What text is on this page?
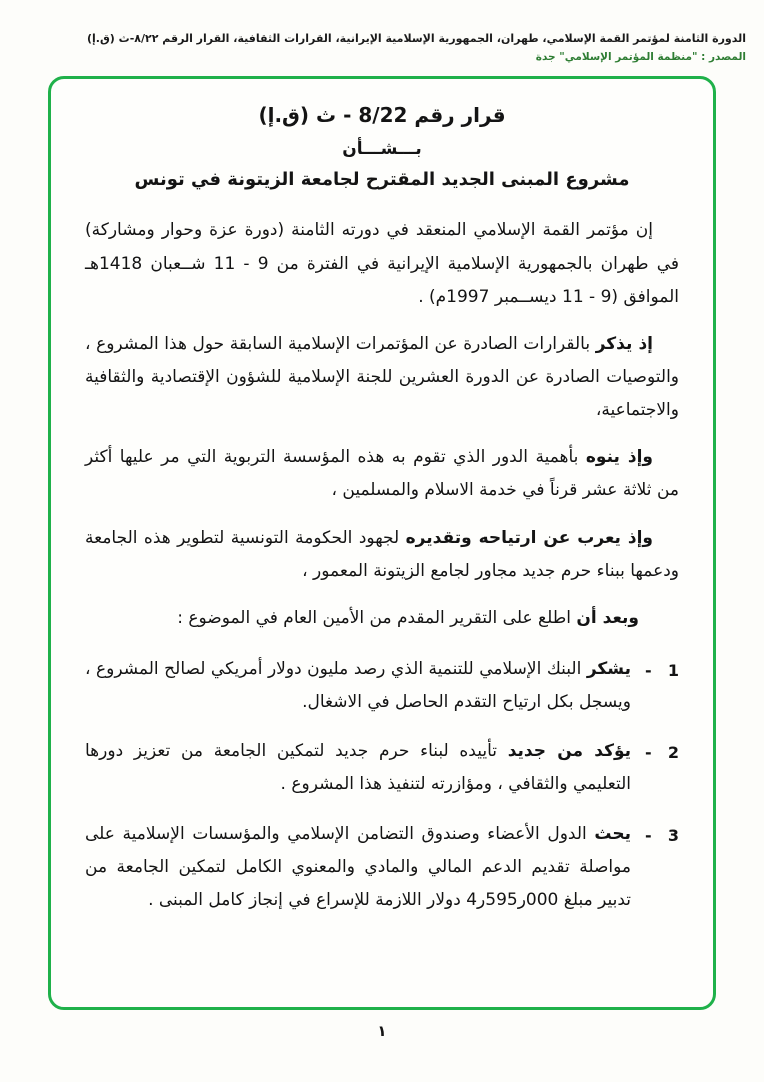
الدورة الثامنة لمؤتمر القمة الإسلامي، طهران، الجمهورية الإسلامية الإيرانية، القرارات الثقافية، القرار الرقم ٨/٢٢-ث (ق.إ)
المصدر : "منظمة المؤتمر الإسلامي" جدة
قرار رقم 8/22 - ث (ق.إ)
بـــشـــأن
مشروع المبنى الجديد المقترح لجامعة الزيتونة في تونس

إن مؤتمر القمة الإسلامي المنعقد في دورته الثامنة (دورة عزة وحوار ومشاركة) في طهران بالجمهورية الإسلامية الإيرانية في الفترة من 9 - 11 شــعبان 1418هـ الموافق (9 - 11 ديســمبر 1997م) .

إذ يذكر بالقرارات الصادرة عن المؤتمرات الإسلامية السابقة حول هذا المشروع ، والتوصيات الصادرة عن الدورة العشرين للجنة الإسلامية للشؤون الإقتصادية والثقافية والاجتماعية،

وإذ ينوه بأهمية الدور الذي تقوم به هذه المؤسسة التربوية التي مر عليها أكثر من ثلاثة عشر قرناً في خدمة الاسلام والمسلمين ،

وإذ يعرب عن ارتياحه وتقديره لجهود الحكومة التونسية لتطوير هذه الجامعة ودعمها ببناء حرم جديد مجاور لجامع الزيتونة المعمور ،

وبعد أن اطلع على التقرير المقدم من الأمين العام في الموضوع :

- 1
يشكر البنك الإسلامي للتنمية الذي رصد مليون دولار أمريكي لصالح المشروع ، ويسجل بكل ارتياح التقدم الحاصل في الاشغال.
- 2
يؤكد من جديد تأييده لبناء حرم جديد لتمكين الجامعة من تعزيز دورها التعليمي والثقافي ، ومؤازرته لتنفيذ هذا المشروع .
- 3
يحث الدول الأعضاء وصندوق التضامن الإسلامي والمؤسسات الإسلامية على مواصلة تقديم الدعم المالي والمادي والمعنوي الكامل لتمكين الجامعة من تدبير مبلغ 000ر595ر4 دولار اللازمة للإسراع في إنجاز كامل المبنى .
١
